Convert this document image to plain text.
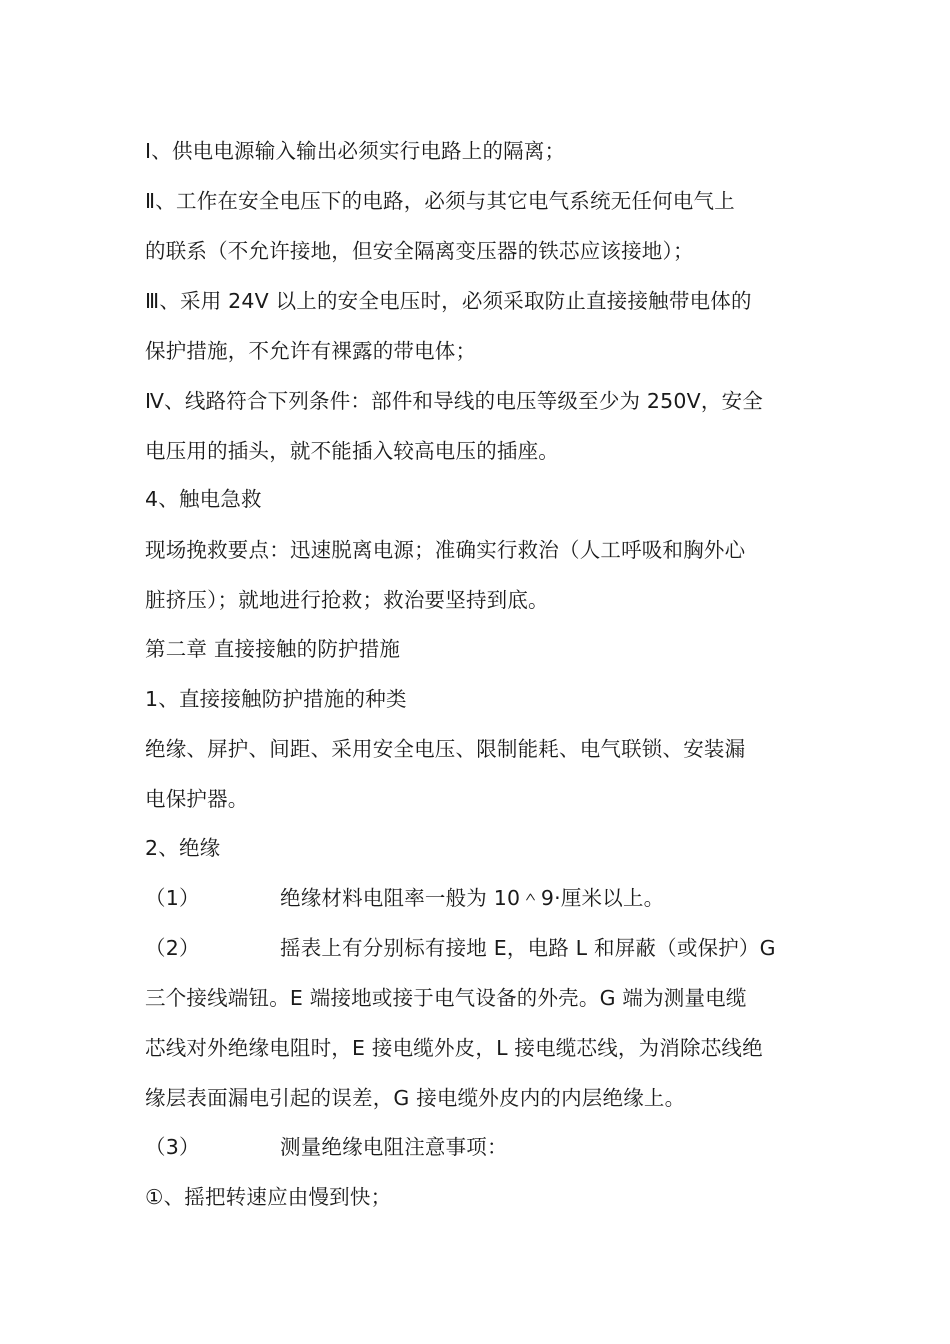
Ⅰ、供电电源输入输出必须实行电路上的隔离；
Ⅱ、工作在安全电压下的电路，必须与其它电气系统无任何电气上
的联系（不允许接地，但安全隔离变压器的铁芯应该接地）；
Ⅲ、采用 24V 以上的安全电压时，必须采取防止直接接触带电体的
保护措施，不允许有裸露的带电体；
Ⅳ、线路符合下列条件：部件和导线的电压等级至少为 250V，安全
电压用的插头，就不能插入较高电压的插座。
4、触电急救
现场挽救要点：迅速脱离电源；准确实行救治（人工呼吸和胸外心
脏挤压）；就地进行抢救；救治要坚持到底。
第二章 直接接触的防护措施
1、直接接触防护措施的种类
绝缘、屏护、间距、采用安全电压、限制能耗、电气联锁、安装漏
电保护器。
2、绝缘
（1）	绝缘材料电阻率一般为 10＾9·厘米以上。
（2）	摇表上有分别标有接地 E，电路 L 和屏蔽（或保护）G
三个接线端钮。E 端接地或接于电气设备的外壳。G 端为测量电缆
芯线对外绝缘电阻时，E 接电缆外皮，L 接电缆芯线，为消除芯线绝
缘层表面漏电引起的误差，G 接电缆外皮内的内层绝缘上。
（3）	测量绝缘电阻注意事项：
①、摇把转速应由慢到快；
